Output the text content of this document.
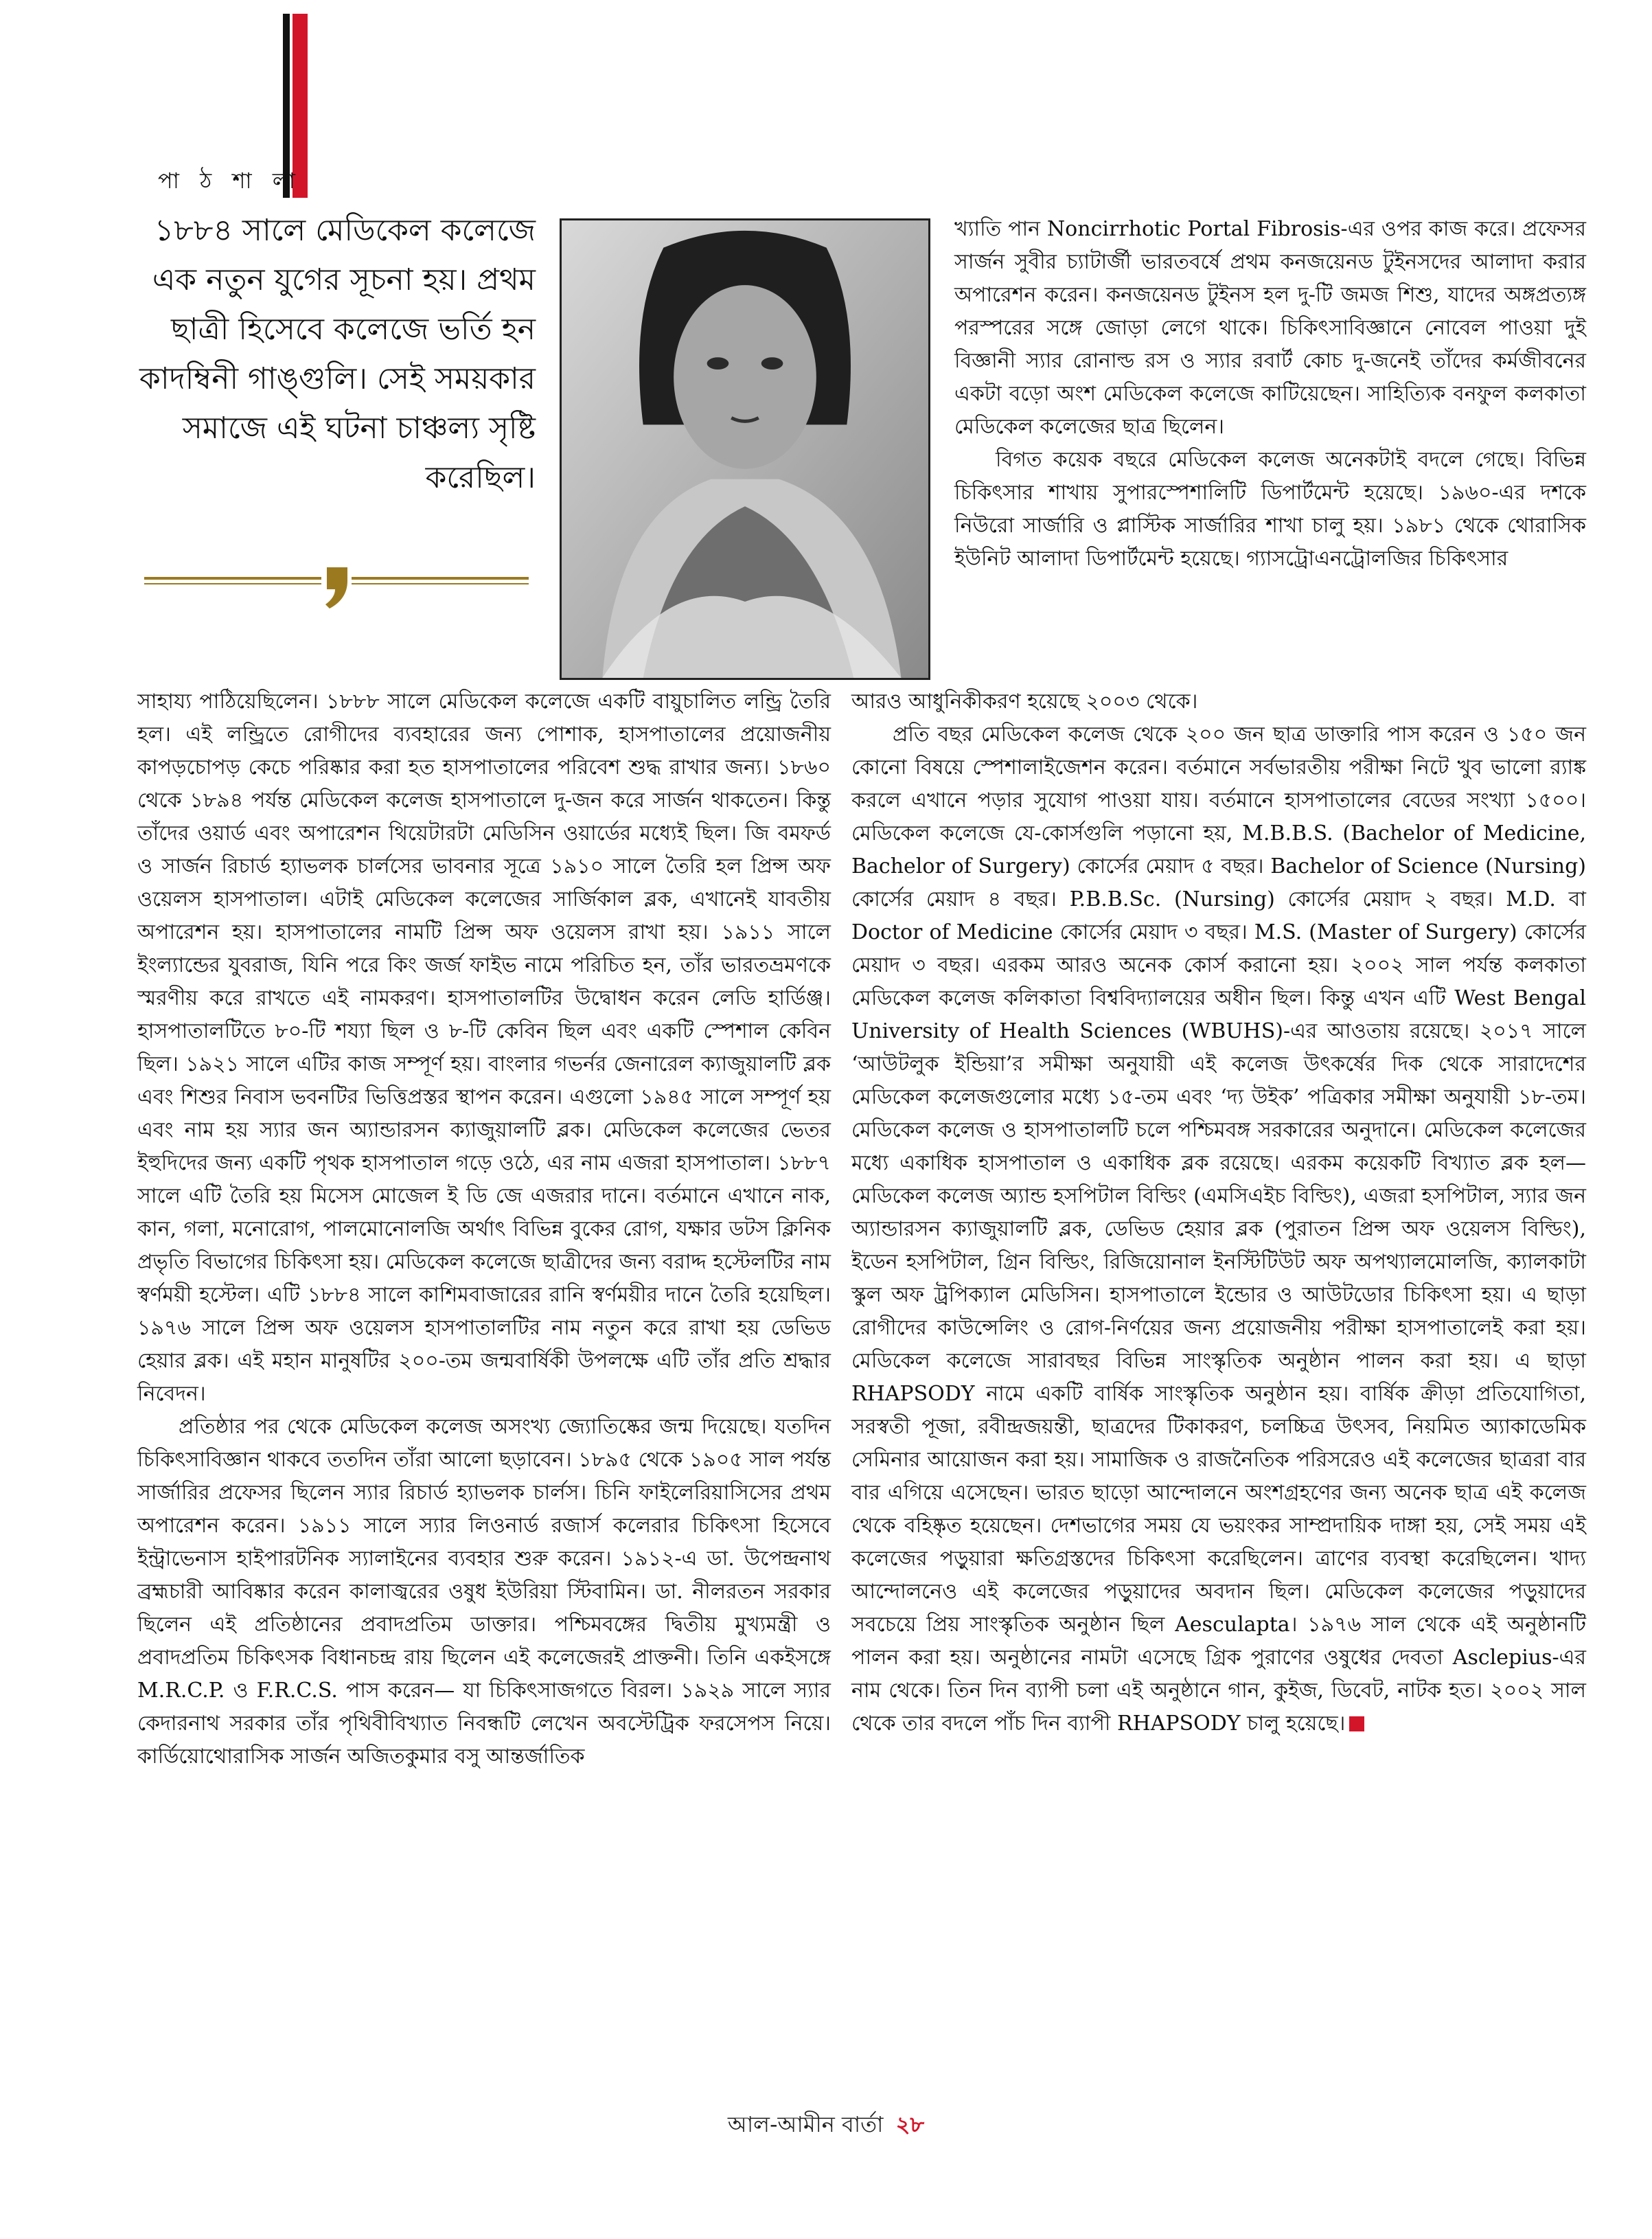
পা ঠ শা লা
১৮৮৪ সালে মেডিকেল কলেজে এক নতুন যুগের সূচনা হয়। প্রথম ছাত্রী হিসেবে কলেজে ভর্তি হন কাদম্বিনী গাঙ্গুলি। সেই সময়কার সমাজে এই ঘটনা চাঞ্চল্য সৃষ্টি করেছিল।

খ্যাতি পান Noncirrhotic Portal Fibrosis-এর ওপর কাজ করে। প্রফেসর সার্জন সুবীর চ্যাটার্জী ভারতবর্ষে প্রথম কনজয়েনড টুইনসদের আলাদা করার অপারেশন করেন। কনজয়েনড টুইনস হল দু-টি জমজ শিশু, যাদের অঙ্গপ্রত্যঙ্গ পরস্পরের সঙ্গে জোড়া লেগে থাকে। চিকিৎসাবিজ্ঞানে নোবেল পাওয়া দুই বিজ্ঞানী স্যার রোনাল্ড রস ও স্যার রবার্ট কোচ দু-জনেই তাঁদের কর্মজীবনের একটা বড়ো অংশ মেডিকেল কলেজে কাটিয়েছেন। সাহিত্যিক বনফুল কলকাতা মেডিকেল কলেজের ছাত্র ছিলেন।

বিগত কয়েক বছরে মেডিকেল কলেজ অনেকটাই বদলে গেছে। বিভিন্ন চিকিৎসার শাখায় সুপারস্পেশালিটি ডিপার্টমেন্ট হয়েছে। ১৯৬০-এর দশকে নিউরো সার্জারি ও প্লাস্টিক সার্জারির শাখা চালু হয়। ১৯৮১ থেকে থোরাসিক ইউনিট আলাদা ডিপার্টমেন্ট হয়েছে। গ্যাসট্রোএনট্রোলজির চিকিৎসার

সাহায্য পাঠিয়েছিলেন। ১৮৮৮ সালে মেডিকেল কলেজে একটি বায়ুচালিত লন্ড্রি তৈরি হল। এই লন্ড্রিতে রোগীদের ব্যবহারের জন্য পোশাক, হাসপাতালের প্রয়োজনীয় কাপড়চোপড় কেচে পরিষ্কার করা হত হাসপাতালের পরিবেশ শুদ্ধ রাখার জন্য। ১৮৬০ থেকে ১৮৯৪ পর্যন্ত মেডিকেল কলেজ হাসপাতালে দু-জন করে সার্জন থাকতেন। কিন্তু তাঁদের ওয়ার্ড এবং অপারেশন থিয়েটারটা মেডিসিন ওয়ার্ডের মধ্যেই ছিল। জি বমফর্ড ও সার্জন রিচার্ড হ্যাভলক চার্লসের ভাবনার সূত্রে ১৯১০ সালে তৈরি হল প্রিন্স অফ ওয়েলস হাসপাতাল। এটাই মেডিকেল কলেজের সার্জিকাল ব্লক, এখানেই যাবতীয় অপারেশন হয়। হাসপাতালের নামটি প্রিন্স অফ ওয়েলস রাখা হয়। ১৯১১ সালে ইংল্যান্ডের যুবরাজ, যিনি পরে কিং জর্জ ফাইভ নামে পরিচিত হন, তাঁর ভারতভ্রমণকে স্মরণীয় করে রাখতে এই নামকরণ। হাসপাতালটির উদ্বোধন করেন লেডি হার্ডিঞ্জ। হাসপাতালটিতে ৮০-টি শয্যা ছিল ও ৮-টি কেবিন ছিল এবং একটি স্পেশাল কেবিন ছিল। ১৯২১ সালে এটির কাজ সম্পূর্ণ হয়। বাংলার গভর্নর জেনারেল ক্যাজুয়ালটি ব্লক এবং শিশুর নিবাস ভবনটির ভিত্তিপ্রস্তর স্থাপন করেন। এগুলো ১৯৪৫ সালে সম্পূর্ণ হয় এবং নাম হয় স্যার জন অ্যান্ডারসন ক্যাজুয়ালটি ব্লক। মেডিকেল কলেজের ভেতর ইহুদিদের জন্য একটি পৃথক হাসপাতাল গড়ে ওঠে, এর নাম এজরা হাসপাতাল। ১৮৮৭ সালে এটি তৈরি হয় মিসেস মোজেল ই ডি জে এজরার দানে। বর্তমানে এখানে নাক, কান, গলা, মনোরোগ, পালমোনোলজি অর্থাৎ বিভিন্ন বুকের রোগ, যক্ষার ডটস ক্লিনিক প্রভৃতি বিভাগের চিকিৎসা হয়। মেডিকেল কলেজে ছাত্রীদের জন্য বরাদ্দ হস্টেলটির নাম স্বর্ণময়ী হস্টেল। এটি ১৮৮৪ সালে কাশিমবাজারের রানি স্বর্ণময়ীর দানে তৈরি হয়েছিল। ১৯৭৬ সালে প্রিন্স অফ ওয়েলস হাসপাতালটির নাম নতুন করে রাখা হয় ডেভিড হেয়ার ব্লক। এই মহান মানুষটির ২০০-তম জন্মবার্ষিকী উপলক্ষে এটি তাঁর প্রতি শ্রদ্ধার নিবেদন।

প্রতিষ্ঠার পর থেকে মেডিকেল কলেজ অসংখ্য জ্যোতিষ্কের জন্ম দিয়েছে। যতদিন চিকিৎসাবিজ্ঞান থাকবে ততদিন তাঁরা আলো ছড়াবেন। ১৮৯৫ থেকে ১৯০৫ সাল পর্যন্ত সার্জারির প্রফেসর ছিলেন স্যার রিচার্ড হ্যাভলক চার্লস। চিনি ফাইলেরিয়াসিসের প্রথম অপারেশন করেন। ১৯১১ সালে স্যার লিওনার্ড রজার্স কলেরার চিকিৎসা হিসেবে ইন্ট্রাভেনাস হাইপারটনিক স্যালাইনের ব্যবহার শুরু করেন। ১৯১২-এ ডা. উপেন্দ্রনাথ ব্রহ্মচারী আবিষ্কার করেন কালাজ্বরের ওষুধ ইউরিয়া স্টিবামিন। ডা. নীলরতন সরকার ছিলেন এই প্রতিষ্ঠানের প্রবাদপ্রতিম ডাক্তার। পশ্চিমবঙ্গের দ্বিতীয় মুখ্যমন্ত্রী ও প্রবাদপ্রতিম চিকিৎসক বিধানচন্দ্র রায় ছিলেন এই কলেজেরই প্রাক্তনী। তিনি একইসঙ্গে M.R.C.P. ও F.R.C.S. পাস করেন— যা চিকিৎসাজগতে বিরল। ১৯২৯ সালে স্যার কেদারনাথ সরকার তাঁর পৃথিবীবিখ্যাত নিবন্ধটি লেখেন অবস্টেট্রিক ফরসেপস নিয়ে। কার্ডিয়োথোরাসিক সার্জন অজিতকুমার বসু আন্তর্জাতিক

আরও আধুনিকীকরণ হয়েছে ২০০৩ থেকে।

প্রতি বছর মেডিকেল কলেজ থেকে ২০০ জন ছাত্র ডাক্তারি পাস করেন ও ১৫০ জন কোনো বিষয়ে স্পেশালাইজেশন করেন। বর্তমানে সর্বভারতীয় পরীক্ষা নিটে খুব ভালো র‍্যাঙ্ক করলে এখানে পড়ার সুযোগ পাওয়া যায়। বর্তমানে হাসপাতালের বেডের সংখ্যা ১৫০০। মেডিকেল কলেজে যে-কোর্সগুলি পড়ানো হয়, M.B.B.S. (Bachelor of Medicine, Bachelor of Surgery) কোর্সের মেয়াদ ৫ বছর। Bachelor of Science (Nursing) কোর্সের মেয়াদ ৪ বছর। P.B.B.Sc. (Nursing) কোর্সের মেয়াদ ২ বছর। M.D. বা Doctor of Medicine কোর্সের মেয়াদ ৩ বছর। M.S. (Master of Surgery) কোর্সের মেয়াদ ৩ বছর। এরকম আরও অনেক কোর্স করানো হয়। ২০০২ সাল পর্যন্ত কলকাতা মেডিকেল কলেজ কলিকাতা বিশ্ববিদ্যালয়ের অধীন ছিল। কিন্তু এখন এটি West Bengal University of Health Sciences (WBUHS)-এর আওতায় রয়েছে। ২০১৭ সালে ‘আউটলুক ইন্ডিয়া’র সমীক্ষা অনুযায়ী এই কলেজ উৎকর্ষের দিক থেকে সারাদেশের মেডিকেল কলেজগুলোর মধ্যে ১৫-তম এবং ‘দ্য উইক’ পত্রিকার সমীক্ষা অনুযায়ী ১৮-তম। মেডিকেল কলেজ ও হাসপাতালটি চলে পশ্চিমবঙ্গ সরকারের অনুদানে। মেডিকেল কলেজের মধ্যে একাধিক হাসপাতাল ও একাধিক ব্লক রয়েছে। এরকম কয়েকটি বিখ্যাত ব্লক হল— মেডিকেল কলেজ অ্যান্ড হসপিটাল বিল্ডিং (এমসিএইচ বিল্ডিং), এজরা হসপিটাল, স্যার জন অ্যান্ডারসন ক্যাজুয়ালটি ব্লক, ডেভিড হেয়ার ব্লক (পুরাতন প্রিন্স অফ ওয়েলস বিল্ডিং), ইডেন হসপিটাল, গ্রিন বিল্ডিং, রিজিয়োনাল ইনস্টিটিউট অফ অপথ্যালমোলজি, ক্যালকাটা স্কুল অফ ট্রপিক্যাল মেডিসিন। হাসপাতালে ইন্ডোর ও আউটডোর চিকিৎসা হয়। এ ছাড়া রোগীদের কাউন্সেলিং ও রোগ-নির্ণয়ের জন্য প্রয়োজনীয় পরীক্ষা হাসপাতালেই করা হয়। মেডিকেল কলেজে সারাবছর বিভিন্ন সাংস্কৃতিক অনুষ্ঠান পালন করা হয়। এ ছাড়া RHAPSODY নামে একটি বার্ষিক সাংস্কৃতিক অনুষ্ঠান হয়। বার্ষিক ক্রীড়া প্রতিযোগিতা, সরস্বতী পূজা, রবীন্দ্রজয়ন্তী, ছাত্রদের টিকাকরণ, চলচ্চিত্র উৎসব, নিয়মিত অ্যাকাডেমিক সেমিনার আয়োজন করা হয়। সামাজিক ও রাজনৈতিক পরিসরেও এই কলেজের ছাত্ররা বার বার এগিয়ে এসেছেন। ভারত ছাড়ো আন্দোলনে অংশগ্রহণের জন্য অনেক ছাত্র এই কলেজ থেকে বহিষ্কৃত হয়েছেন। দেশভাগের সময় যে ভয়ংকর সাম্প্রদায়িক দাঙ্গা হয়, সেই সময় এই কলেজের পড়ুয়ারা ক্ষতিগ্রস্তদের চিকিৎসা করেছিলেন। ত্রাণের ব্যবস্থা করেছিলেন। খাদ্য আন্দোলনেও এই কলেজের পড়ুয়াদের অবদান ছিল। মেডিকেল কলেজের পড়ুয়াদের সবচেয়ে প্রিয় সাংস্কৃতিক অনুষ্ঠান ছিল Aesculapta। ১৯৭৬ সাল থেকে এই অনুষ্ঠানটি পালন করা হয়। অনুষ্ঠানের নামটা এসেছে গ্রিক পুরাণের ওষুধের দেবতা Asclepius-এর নাম থেকে। তিন দিন ব্যাপী চলা এই অনুষ্ঠানে গান, কুইজ, ডিবেট, নাটক হত। ২০০২ সাল থেকে তার বদলে পাঁচ দিন ব্যাপী RHAPSODY চালু হয়েছে।

আল-আমীন বার্তা ২৮
